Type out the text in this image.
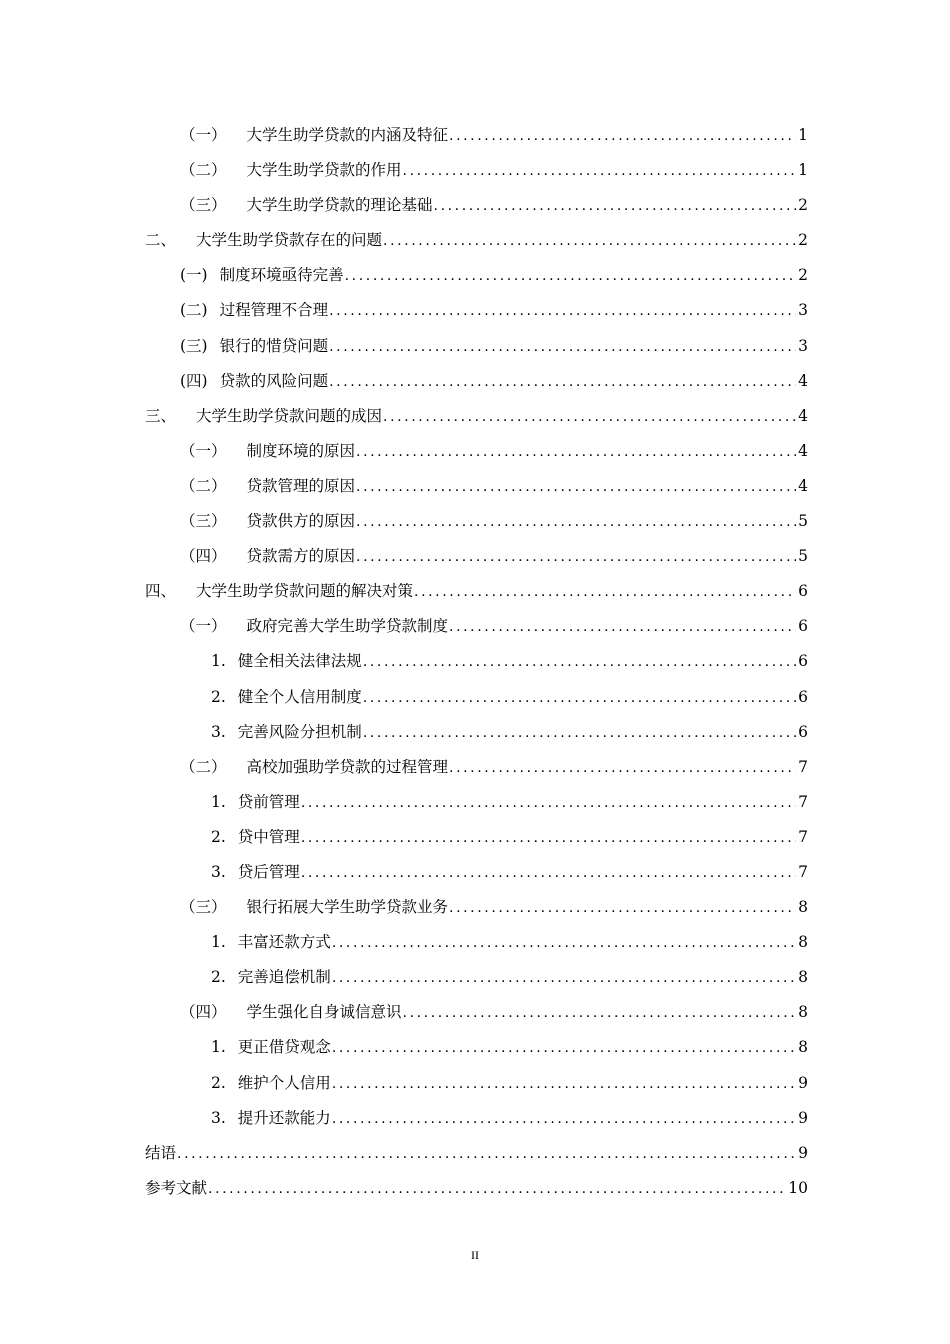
（一） 大学生助学贷款的内涵及特征 .....	1
（二） 大学生助学贷款的作用 .....	1
（三） 大学生助学贷款的理论基础 .....	2
二、 大学生助学贷款存在的问题 .....	2
(一) 制度环境亟待完善 .....	2
(二) 过程管理不合理 .....	3
(三) 银行的惜贷问题 .....	3
(四) 贷款的风险问题 .....	4
三、 大学生助学贷款问题的成因 .....	4
（一） 制度环境的原因 .....	4
（二） 贷款管理的原因 .....	4
（三） 贷款供方的原因 .....	5
（四） 贷款需方的原因 .....	5
四、 大学生助学贷款问题的解决对策 .....	6
（一） 政府完善大学生助学贷款制度 .....	6
1. 健全相关法律法规 .....	6
2. 健全个人信用制度 .....	6
3. 完善风险分担机制 .....	6
（二） 高校加强助学贷款的过程管理 .....	7
1. 贷前管理 .....	7
2. 贷中管理 .....	7
3. 贷后管理 .....	7
（三） 银行拓展大学生助学贷款业务 .....	8
1. 丰富还款方式 .....	8
2. 完善追偿机制 .....	8
（四） 学生强化自身诚信意识 .....	8
1. 更正借贷观念 .....	8
2. 维护个人信用 .....	9
3. 提升还款能力 .....	9
结语 .....	9
参考文献 .....	10
II
